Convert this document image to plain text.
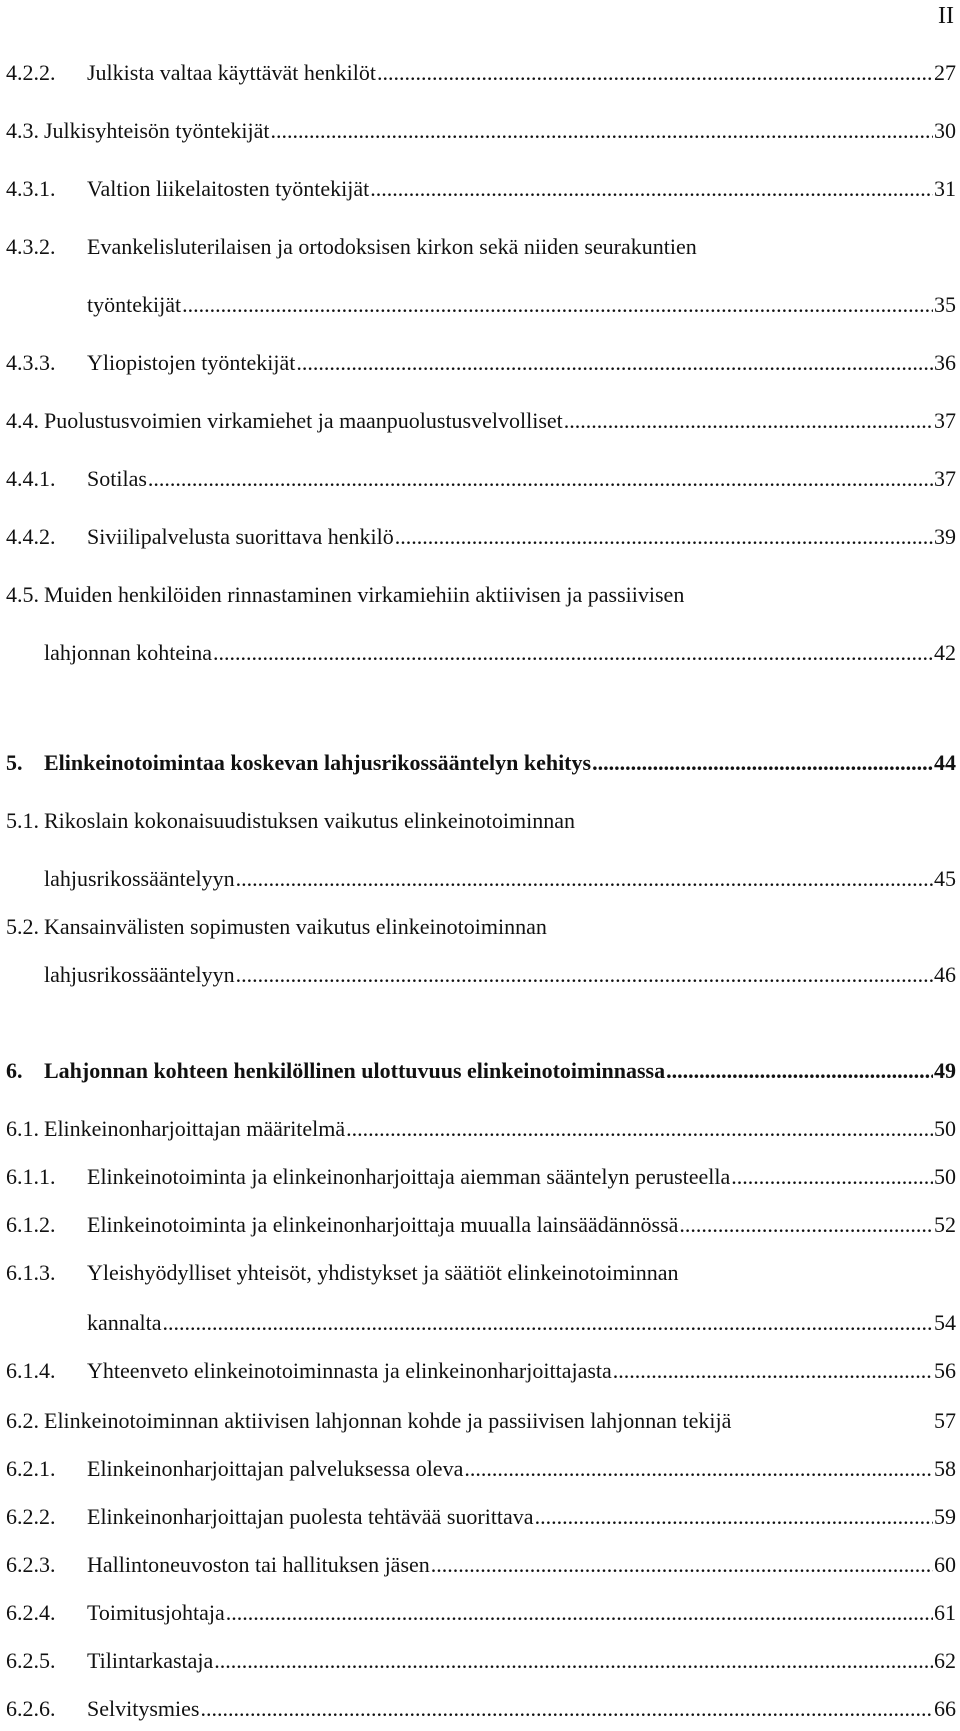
II
4.2.2. Julkista valtaa käyttävät henkilöt .....	27
4.3. Julkisyhteisön työntekijät .....	30
4.3.1. Valtion liikelaitosten työntekijät .....	31
4.3.2. Evankelisluterilaisen ja ortodoksisen kirkon sekä niiden seurakuntien
työntekijät .....	35
4.3.3. Yliopistojen työntekijät .....	36
4.4. Puolustusvoimien virkamiehet ja maanpuolustusvelvolliset .....	37
4.4.1. Sotilas .....	37
4.4.2. Siviilipalvelusta suorittava henkilö .....	39
4.5. Muiden henkilöiden rinnastaminen virkamiehiin aktiivisen ja passiivisen
lahjonnan kohteina .....	42
5. Elinkeinotoimintaa koskevan lahjusrikossääntelyn kehitys .....	44
5.1. Rikoslain kokonaisuudistuksen vaikutus elinkeinotoiminnan
lahjusrikossääntelyyn .....	45
5.2. Kansainvälisten sopimusten vaikutus elinkeinotoiminnan
lahjusrikossääntelyyn .....	46
6. Lahjonnan kohteen henkilöllinen ulottuvuus elinkeinotoiminnassa .....	49
6.1. Elinkeinonharjoittajan määritelmä .....	50
6.1.1. Elinkeinotoiminta ja elinkeinonharjoittaja aiemman sääntelyn perusteella .....	50
6.1.2. Elinkeinotoiminta ja elinkeinonharjoittaja muualla lainsäädännössä .....	52
6.1.3. Yleishyödylliset yhteisöt, yhdistykset ja säätiöt elinkeinotoiminnan
kannalta .....	54
6.1.4. Yhteenveto elinkeinotoiminnasta ja elinkeinonharjoittajasta .....	56
6.2. Elinkeinotoiminnan aktiivisen lahjonnan kohde ja passiivisen lahjonnan tekijä	57
6.2.1. Elinkeinonharjoittajan palveluksessa oleva .....	58
6.2.2. Elinkeinonharjoittajan puolesta tehtävää suorittava .....	59
6.2.3. Hallintoneuvoston tai hallituksen jäsen .....	60
6.2.4. Toimitusjohtaja .....	61
6.2.5. Tilintarkastaja .....	62
6.2.6. Selvitysmies .....	66
